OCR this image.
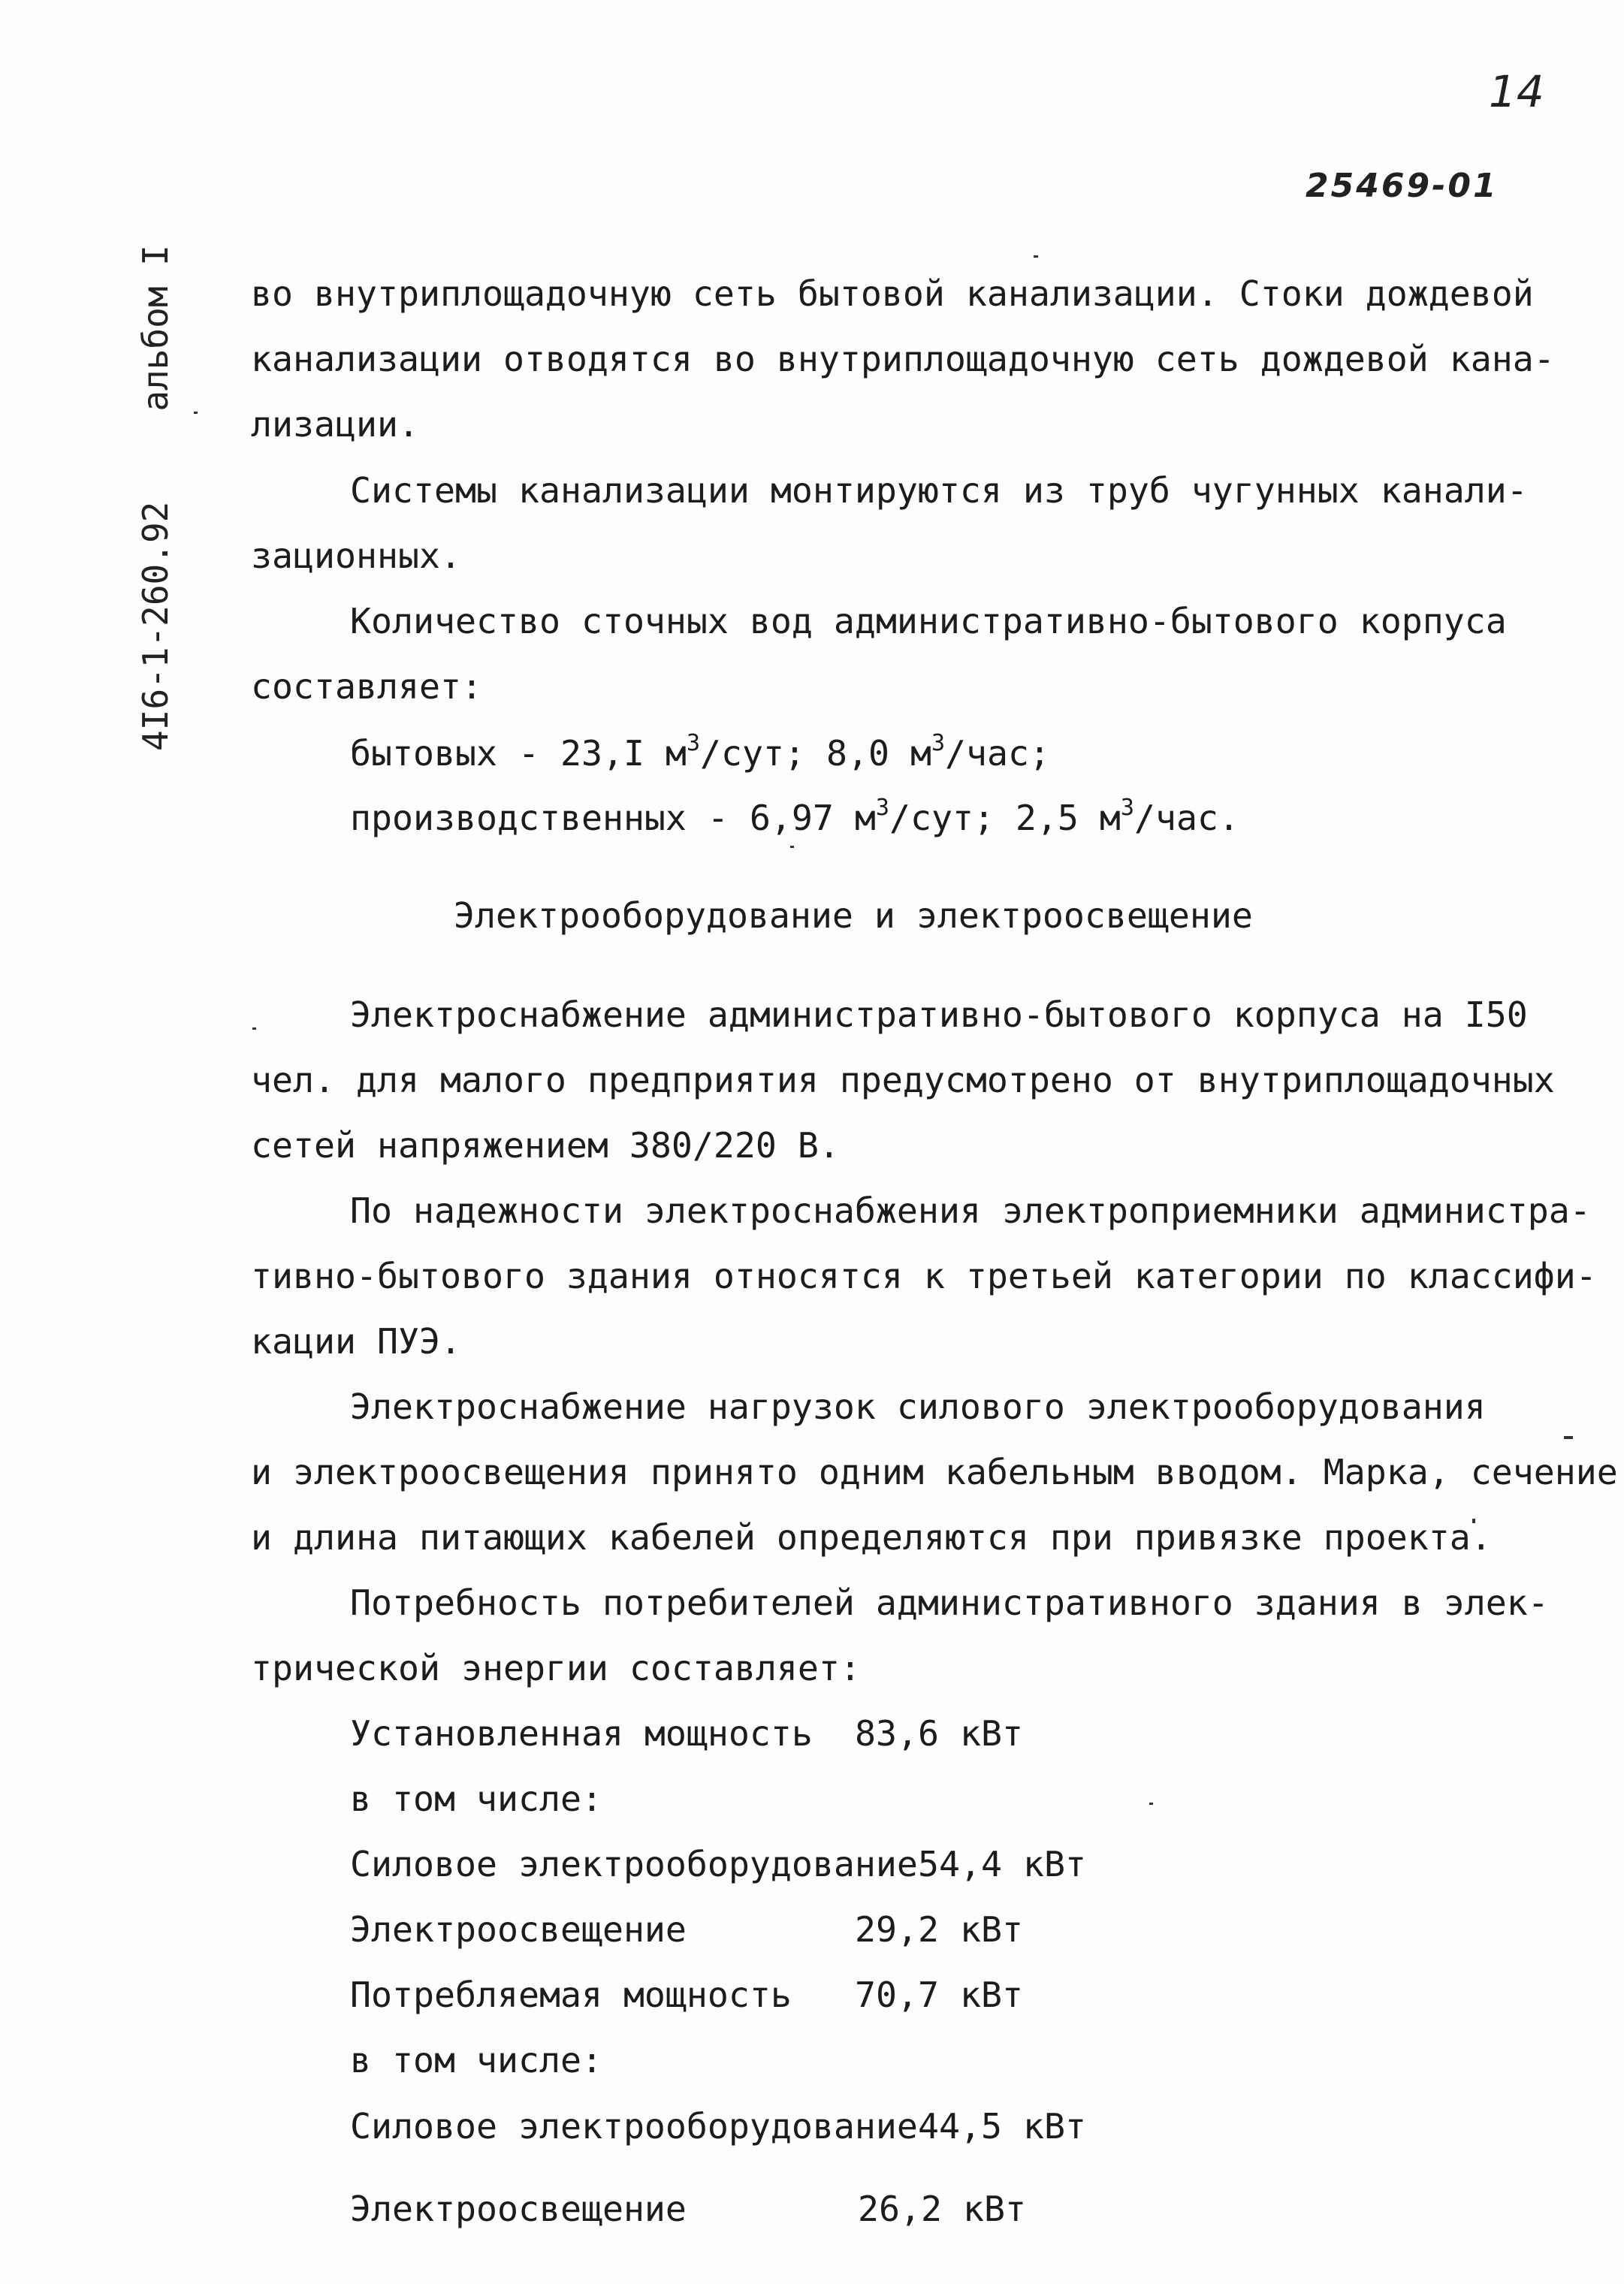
14
25469-01
4I6-1-260.92альбом I во внутриплощадочную сеть бытовой канализации. Стоки дождевой
канализации отводятся во внутриплощадочную сеть дождевой кана-
лизации.
Системы канализации монтируются из труб чугунных канали-
зационных.
Количество сточных вод административно-бытового корпуса
составляет:
бытовых - 23,I $м^3$/сут; 8,0 $м^3$/час;
производственных - 6,97 $м^3$/сут; 2,5 $м^3$/час.
Электрооборудование и электроосвещение
Электроснабжение административно-бытового корпуса на I50
чел. для малого предприятия предусмотрено от внутриплощадочных
сетей напряжением 380/220 В.
По надежности электроснабжения электроприемники администра-
тивно-бытового здания относятся к третьей категории по классифи-
кации ПУЭ.
Электроснабжение нагрузок силового электрооборудования
и электроосвещения принято одним кабельным вводом. Марка, сечение
и длина питающих кабелей определяются при привязке проекта.
Потребность потребителей административного здания в элек-
трической энергии составляет:
Установленная мощность 83,6 кВт
в том числе:
Силовое электрооборудование 54,4 кВт
Электроосвещение	29,2 кВт
Потребляемая мощность 70,7 кВт
в том числе:
Силовое электрооборудование 44,5 кВт
Электроосвещение	26,2 кВт
